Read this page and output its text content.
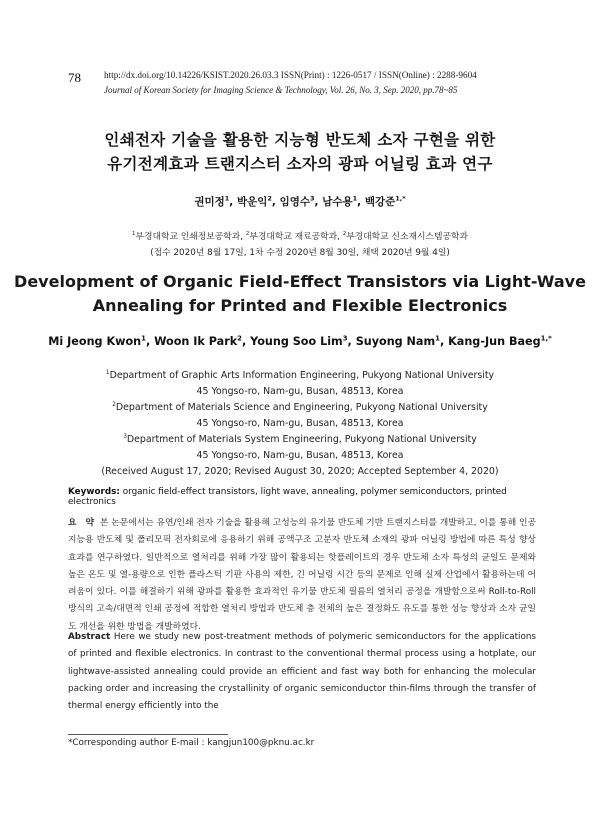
78	http://dx.doi.org/10.14226/KSIST.2020.26.03.3 ISSN(Print) : 1226-0517 / ISSN(Online) : 2288-9604
Journal of Korean Society for Imaging Science & Technology, Vol. 26, No. 3, Sep. 2020, pp.78~85
인쇄전자 기술을 활용한 지능형 반도체 소자 구현을 위한
유기전계효과 트랜지스터 소자의 광파 어닐링 효과 연구
권미정$^1$, 박운익$^2$, 임영수$^3$, 남수용$^1$, 백강준$^{1,*}$
$^1$부경대학교 인쇄정보공학과, $^2$부경대학교 재료공학과, $^2$부경대학교 신소재시스템공학과
(접수 2020년 8월 17일, 1차 수정 2020년 8월 30일, 채택 2020년 9월 4일)
Development of Organic Field-Effect Transistors via Light-Wave
Annealing for Printed and Flexible Electronics
Mi Jeong Kwon$^1$, Woon Ik Park$^2$, Young Soo Lim$^3$, Suyong Nam$^1$, Kang-Jun Baeg$^{1,*}$
$^1$Department of Graphic Arts Information Engineering, Pukyong National University
45 Yongso-ro, Nam-gu, Busan, 48513, Korea
$^2$Department of Materials Science and Engineering, Pukyong National University
45 Yongso-ro, Nam-gu, Busan, 48513, Korea
$^3$Department of Materials System Engineering, Pukyong National University
45 Yongso-ro, Nam-gu, Busan, 48513, Korea
(Received August 17, 2020; Revised August 30, 2020; Accepted September 4, 2020)
Keywords: organic field-effect transistors, light wave, annealing, polymer semiconductors, printed electronics
요 약 본 논문에서는 유연/인쇄 전자 기술을 활용해 고성능의 유기물 반도체 기반 트랜지스터를 개발하고, 이를 통해 인공지능용 반도체 및 폴리모픽 전자회로에 응용하기 위해 공액구조 고분자 반도체 소재의 광파 어닐링 방법에 따른 특성 향상 효과를 연구하였다. 일반적으로 열처리를 위해 가장 많이 활용되는 핫플레이트의 경우 반도체 소자 특성의 균일도 문제와 높은 온도 및 열-용량으로 인한 플라스틱 기판 사용의 제한, 긴 어닐링 시간 등의 문제로 인해 실제 산업에서 활용하는데 어려움이 있다. 이를 해결하기 위해 광파를 활용한 효과적인 유기물 반도체 필름의 열처리 공정을 개발함으로써 Roll-to-Roll 방식의 고속/대면적 인쇄 공정에 적합한 열처리 방법과 반도체 층 전체의 높은 결정화도 유도를 통한 성능 향상과 소자 균일도 개선을 위한 방법을 개발하였다.
Abstract Here we study new post-treatment methods of polymeric semiconductors for the applications of printed and flexible electronics. In contrast to the conventional thermal process using a hotplate, our lightwave-assisted annealing could provide an efficient and fast way both for enhancing the molecular packing order and increasing the crystallinity of organic semiconductor thin-films through the transfer of thermal energy efficiently into the
*Corresponding author E-mail : kangjun100@pknu.ac.kr
